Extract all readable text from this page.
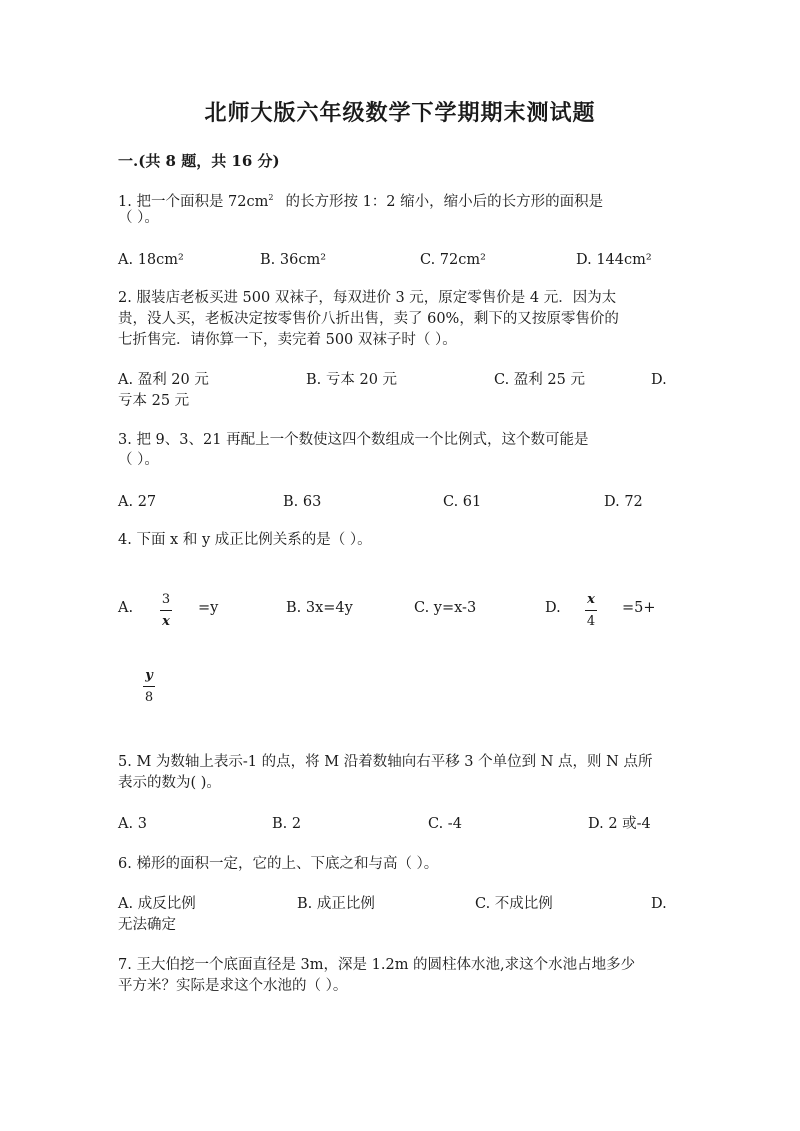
北师大版六年级数学下学期期末测试题
一.(共 8 题，共 16 分)
1. 把一个面积是 $72cm^2$ 的长方形按 1：2 缩小，缩小后的长方形的面积是
（ ）。
A. 18cm²	B. 36cm²	C. 72cm²	D. 144cm²
2. 服装店老板买进 500 双袜子，每双进价 3 元，原定零售价是 4 元．因为太
贵，没人买，老板决定按零售价八折出售，卖了 60%，剩下的又按原零售价的
七折售完．请你算一下，卖完着 500 双袜子时（ ）。
A. 盈利 20 元	B. 亏本 20 元	C. 盈利 25 元	D.
亏本 25 元
3. 把 9、3、21 再配上一个数使这四个数组成一个比例式，这个数可能是
（ ）。
A. 27	B. 63	C. 61	D. 72
4. 下面 x 和 y 成正比例关系的是（ ）。
A.
3
x
=y	B. 3x=4y	C. y=x-3	D.
x
4
=5+
y
8
5. M 为数轴上表示-1 的点，将 M 沿着数轴向右平移 3 个单位到 N 点，则 N 点所
表示的数为( )。
A. 3	B. 2	C. -4	D. 2 或-4
6. 梯形的面积一定，它的上、下底之和与高（ ）。
A. 成反比例	B. 成正比例	C. 不成比例	D.
无法确定
7. 王大伯挖一个底面直径是 3m，深是 1.2m 的圆柱体水池,求这个水池占地多少
平方米？实际是求这个水池的（ ）。
